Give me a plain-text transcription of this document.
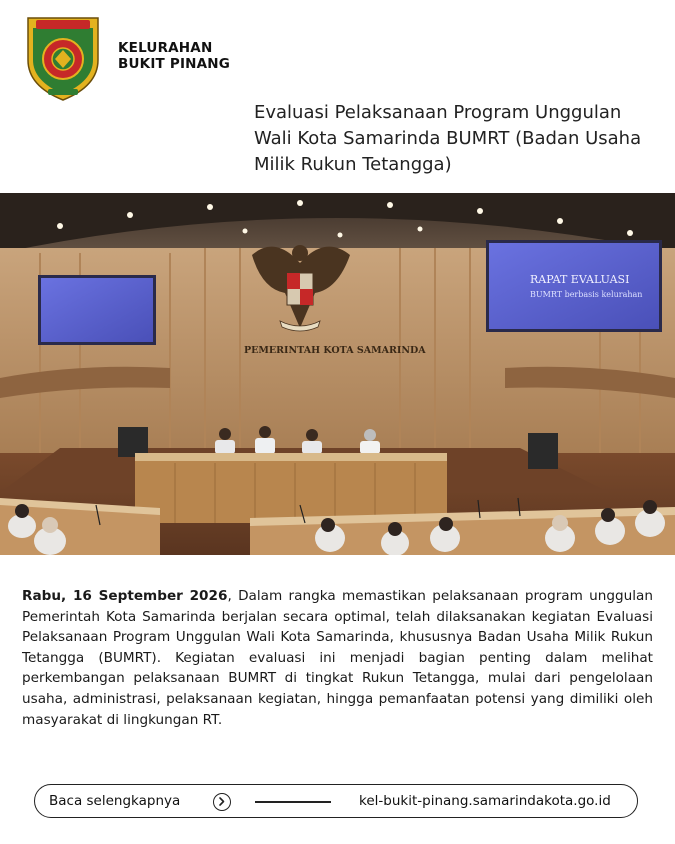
KELURAHAN
BUKIT PINANG
Evaluasi Pelaksanaan Program Unggulan Wali Kota Samarinda BUMRT (Badan Usaha Milik Rukun Tetangga)
RAPAT EVALUASI
BUMRT berbasis kelurahan
PEMERINTAH KOTA SAMARINDA
Rabu, 16 September 2026, Dalam rangka memastikan pelaksanaan program unggulan Pemerintah Kota Samarinda berjalan secara optimal, telah dilaksanakan kegiatan Evaluasi Pelaksanaan Program Unggulan Wali Kota Samarinda, khususnya Badan Usaha Milik Rukun Tetangga (BUMRT). Kegiatan evaluasi ini menjadi bagian penting dalam melihat perkembangan pelaksanaan BUMRT di tingkat Rukun Tetangga, mulai dari pengelolaan usaha, administrasi, pelaksanaan kegiatan, hingga pemanfaatan potensi yang dimiliki oleh masyarakat di lingkungan RT.
Baca selengkapnya	kel-bukit-pinang.samarindakota.go.id
